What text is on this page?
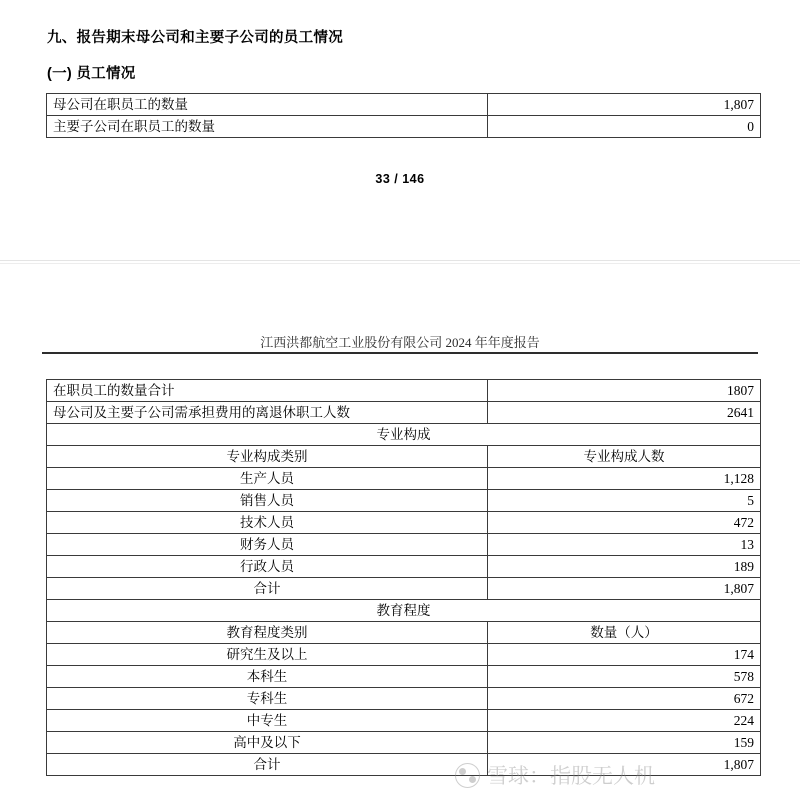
九、报告期末母公司和主要子公司的员工情况
(一) 员工情况
母公司在职员工的数量	1,807
主要子公司在职员工的数量	0
33 / 146
江西洪都航空工业股份有限公司 2024 年年度报告
在职员工的数量合计	1807
母公司及主要子公司需承担费用的离退休职工人数	2641
专业构成	
专业构成类别	专业构成人数
生产人员	1,128
销售人员	5
技术人员	472
财务人员	13
行政人员	189
合计	1,807
教育程度	
教育程度类别	数量（人）
研究生及以上	174
本科生	578
专科生	672
中专生	224
高中及以下	159
合计	1,807
雪球：指股无人机
